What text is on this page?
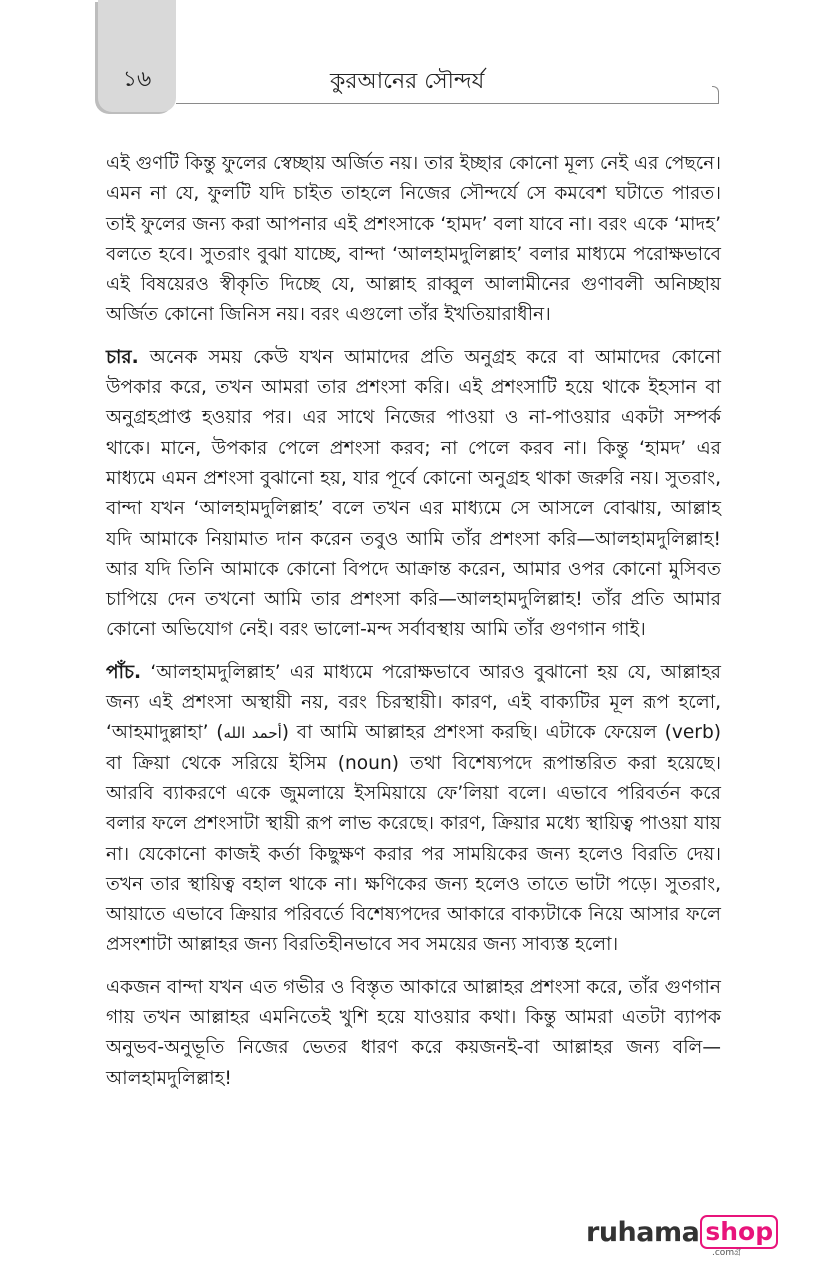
১৬	কুরআনের সৌন্দর্য

এই গুণটি কিন্তু ফুলের স্বেচ্ছায় অর্জিত নয়। তার ইচ্ছার কোনো মূল্য নেই এর পেছনে। এমন না যে, ফুলটি যদি চাইত তাহলে নিজের সৌন্দর্যে সে কমবেশ ঘটাতে পারত। তাই ফুলের জন্য করা আপনার এই প্রশংসাকে ‘হামদ’ বলা যাবে না। বরং একে ‘মাদহ’ বলতে হবে। সুতরাং বুঝা যাচ্ছে, বান্দা ‘আলহামদুলিল্লাহ’ বলার মাধ্যমে পরোক্ষভাবে এই বিষয়েরও স্বীকৃতি দিচ্ছে যে, আল্লাহ রাব্বুল আলামীনের গুণাবলী অনিচ্ছায় অর্জিত কোনো জিনিস নয়। বরং এগুলো তাঁর ইখতিয়ারাধীন।

চার. অনেক সময় কেউ যখন আমাদের প্রতি অনুগ্রহ করে বা আমাদের কোনো উপকার করে, তখন আমরা তার প্রশংসা করি। এই প্রশংসাটি হয়ে থাকে ইহসান বা অনুগ্রহপ্রাপ্ত হওয়ার পর। এর সাথে নিজের পাওয়া ও না-পাওয়ার একটা সম্পর্ক থাকে। মানে, উপকার পেলে প্রশংসা করব; না পেলে করব না। কিন্তু ‘হামদ’ এর মাধ্যমে এমন প্রশংসা বুঝানো হয়, যার পূর্বে কোনো অনুগ্রহ থাকা জরুরি নয়। সুতরাং, বান্দা যখন ‘আলহামদুলিল্লাহ’ বলে তখন এর মাধ্যমে সে আসলে বোঝায়, আল্লাহ যদি আমাকে নিয়ামাত দান করেন তবুও আমি তাঁর প্রশংসা করি—আলহামদুলিল্লাহ! আর যদি তিনি আমাকে কোনো বিপদে আক্রান্ত করেন, আমার ওপর কোনো মুসিবত চাপিয়ে দেন তখনো আমি তার প্রশংসা করি—আলহামদুলিল্লাহ! তাঁর প্রতি আমার কোনো অভিযোগ নেই। বরং ভালো-মন্দ সর্বাবস্থায় আমি তাঁর গুণগান গাই।

পাঁচ. ‘আলহামদুলিল্লাহ’ এর মাধ্যমে পরোক্ষভাবে আরও বুঝানো হয় যে, আল্লাহর জন্য এই প্রশংসা অস্থায়ী নয়, বরং চিরস্থায়ী। কারণ, এই বাক্যটির মূল রূপ হলো, ‘আহমাদুল্লাহা’ (أحمد الله) বা আমি আল্লাহর প্রশংসা করছি। এটাকে ফেয়েল (verb) বা ক্রিয়া থেকে সরিয়ে ইসিম (noun) তথা বিশেষ্যপদে রূপান্তরিত করা হয়েছে। আরবি ব্যাকরণে একে জুমলায়ে ইসমিয়ায়ে ফে’লিয়া বলে। এভাবে পরিবর্তন করে বলার ফলে প্রশংসাটা স্থায়ী রূপ লাভ করেছে। কারণ, ক্রিয়ার মধ্যে স্থায়িত্ব পাওয়া যায় না। যেকোনো কাজই কর্তা কিছুক্ষণ করার পর সাময়িকের জন্য হলেও বিরতি দেয়। তখন তার স্থায়িত্ব বহাল থাকে না। ক্ষণিকের জন্য হলেও তাতে ভাটা পড়ে। সুতরাং, আয়াতে এভাবে ক্রিয়ার পরিবর্তে বিশেষ্যপদের আকারে বাক্যটাকে নিয়ে আসার ফলে প্রসংশাটা আল্লাহর জন্য বিরতিহীনভাবে সব সময়ের জন্য সাব্যস্ত হলো।

একজন বান্দা যখন এত গভীর ও বিস্তৃত আকারে আল্লাহর প্রশংসা করে, তাঁর গুণগান গায় তখন আল্লাহর এমনিতেই খুশি হয়ে যাওয়ার কথা। কিন্তু আমরা এতটা ব্যাপক অনুভব-অনুভূতি নিজের ভেতর ধারণ করে কয়জনই-বা আল্লাহর জন্য বলি—আলহামদুলিল্লাহ!

ruhama shop
.comগ্র
